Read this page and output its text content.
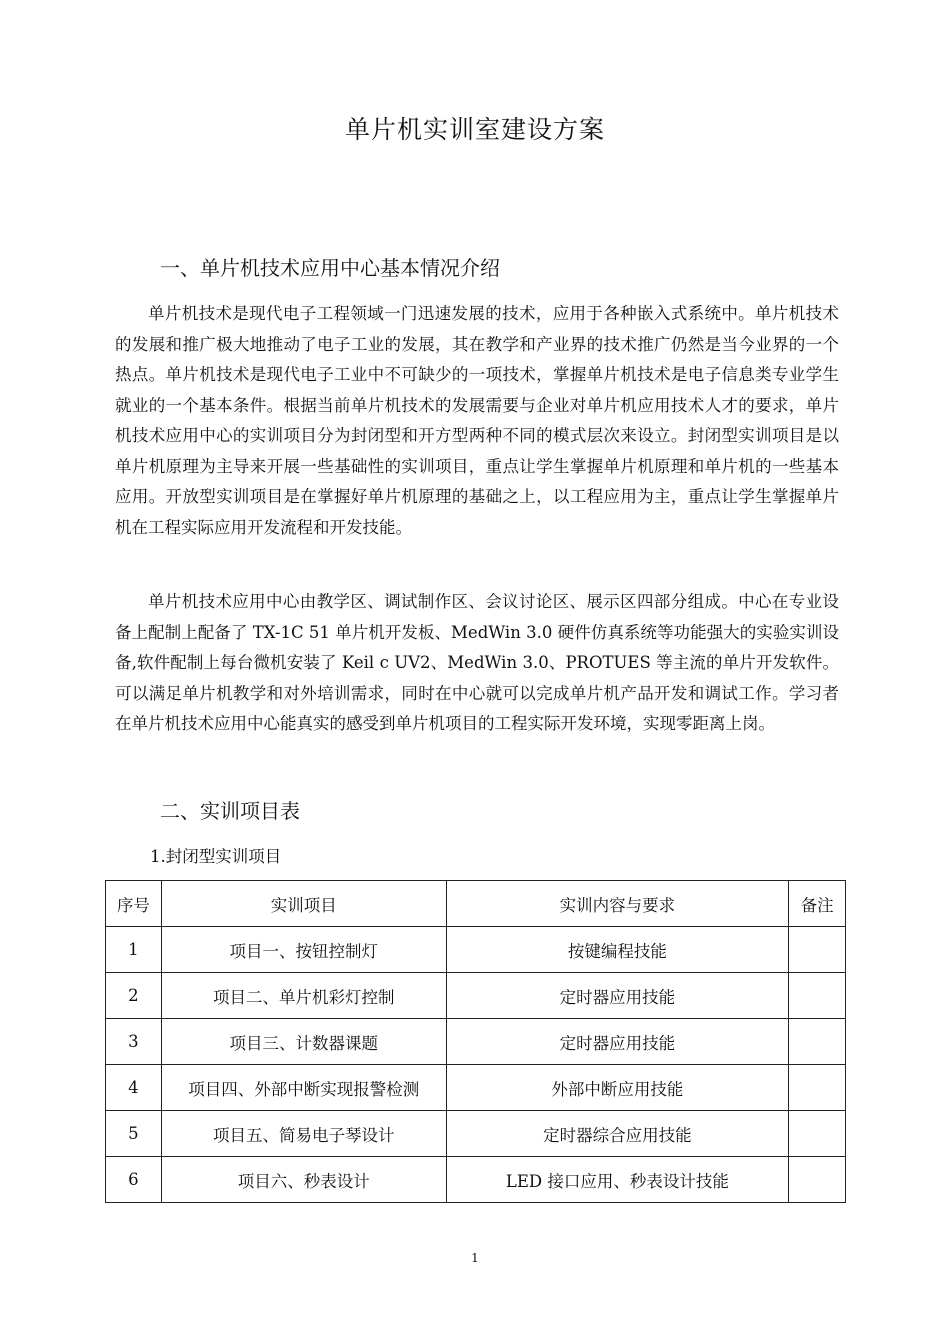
单片机实训室建设方案
一、单片机技术应用中心基本情况介绍

单片机技术是现代电子工程领域一门迅速发展的技术，应用于各种嵌入式系统中。单片机技术的发展和推广极大地推动了电子工业的发展，其在教学和产业界的技术推广仍然是当今业界的一个热点。单片机技术是现代电子工业中不可缺少的一项技术，掌握单片机技术是电子信息类专业学生就业的一个基本条件。根据当前单片机技术的发展需要与企业对单片机应用技术人才的要求，单片机技术应用中心的实训项目分为封闭型和开方型两种不同的模式层次来设立。封闭型实训项目是以单片机原理为主导来开展一些基础性的实训项目，重点让学生掌握单片机原理和单片机的一些基本应用。开放型实训项目是在掌握好单片机原理的基础之上，以工程应用为主，重点让学生掌握单片机在工程实际应用开发流程和开发技能。

单片机技术应用中心由教学区、调试制作区、会议讨论区、展示区四部分组成。中心在专业设备上配制上配备了 TX-1C 51 单片机开发板、MedWin 3.0 硬件仿真系统等功能强大的实验实训设备,软件配制上每台微机安装了 Keil c UV2、MedWin 3.0、PROTUES 等主流的单片开发软件。可以满足单片机教学和对外培训需求，同时在中心就可以完成单片机产品开发和调试工作。学习者在单片机技术应用中心能真实的感受到单片机项目的工程实际开发环境，实现零距离上岗。

二、实训项目表
1.封闭型实训项目
序号	实训项目	实训内容与要求	备注
1	项目一、按钮控制灯	按键编程技能	
2	项目二、单片机彩灯控制	定时器应用技能	
3	项目三、计数器课题	定时器应用技能	
4	项目四、外部中断实现报警检测	外部中断应用技能	
5	项目五、简易电子琴设计	定时器综合应用技能	
6	项目六、秒表设计	LED 接口应用、秒表设计技能	
1
